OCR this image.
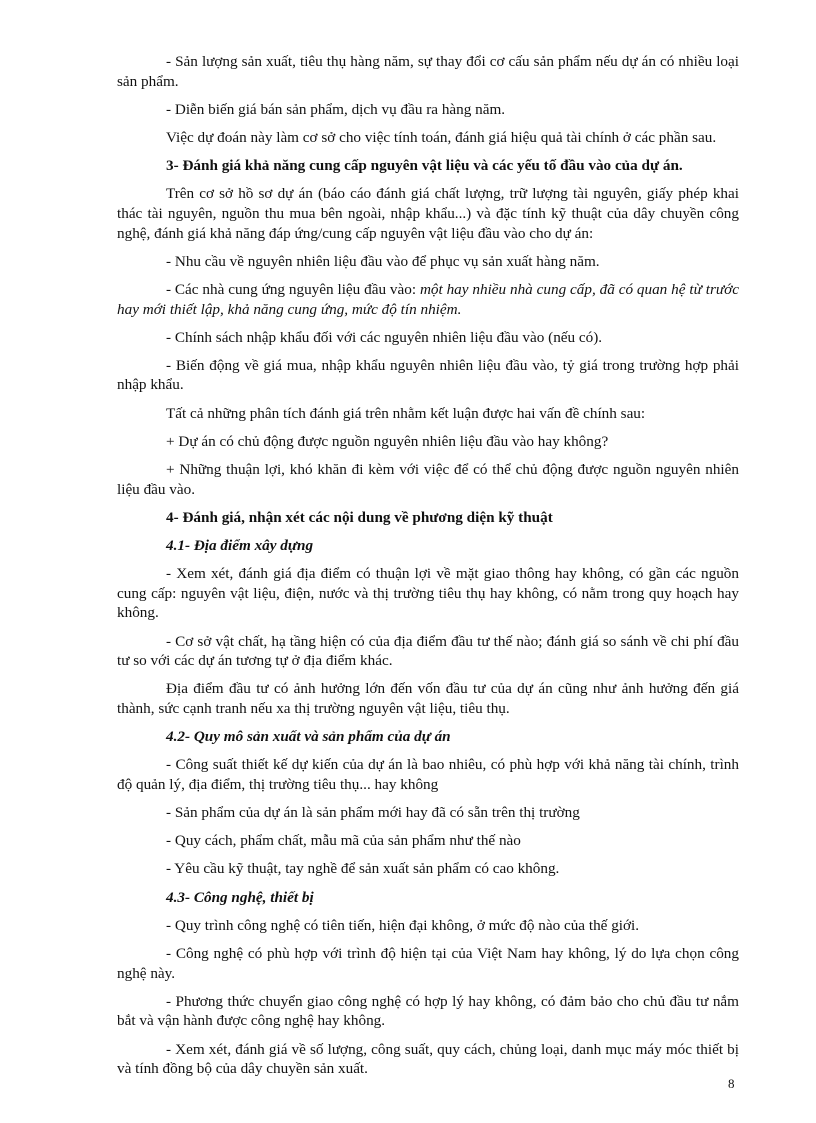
- Sản lượng sản xuất, tiêu thụ hàng năm, sự thay đổi cơ cấu sản phẩm nếu dự án có nhiều loại sản phẩm.

- Diễn biến giá bán sản phẩm, dịch vụ đầu ra hàng năm.

Việc dự đoán này làm cơ sở cho việc tính toán, đánh giá hiệu quả tài chính ở các phần sau.

3- Đánh giá khả năng cung cấp nguyên vật liệu và các yếu tố đầu vào của dự án.

Trên cơ sở hồ sơ dự án (báo cáo đánh giá chất lượng, trữ lượng tài nguyên, giấy phép khai thác tài nguyên, nguồn thu mua bên ngoài, nhập khẩu...) và đặc tính kỹ thuật của dây chuyền công nghệ, đánh giá khả năng đáp ứng/cung cấp nguyên vật liệu đầu vào cho dự án:

- Nhu cầu về nguyên nhiên liệu đầu vào để phục vụ sản xuất hàng năm.

- Các nhà cung ứng nguyên liệu đầu vào: một hay nhiều nhà cung cấp, đã có quan hệ từ trước hay mới thiết lập, khả năng cung ứng, mức độ tín nhiệm.

- Chính sách nhập khẩu đối với các nguyên nhiên liệu đầu vào (nếu có).

- Biến động về giá mua, nhập khẩu nguyên nhiên liệu đầu vào, tỷ giá trong trường hợp phải nhập khẩu.

Tất cả những phân tích đánh giá trên nhằm kết luận được hai vấn đề chính sau:

+ Dự án có chủ động được nguồn nguyên nhiên liệu đầu vào hay không?

+ Những thuận lợi, khó khăn đi kèm với việc để có thể chủ động được nguồn nguyên nhiên liệu đầu vào.

4- Đánh giá, nhận xét các nội dung về phương diện kỹ thuật

4.1- Địa điểm xây dựng

- Xem xét, đánh giá địa điểm có thuận lợi về mặt giao thông hay không, có gần các nguồn cung cấp: nguyên vật liệu, điện, nước và thị trường tiêu thụ hay không, có nằm trong quy hoạch hay không.

- Cơ sở vật chất, hạ tầng hiện có của địa điểm đầu tư thế nào; đánh giá so sánh về chi phí đầu tư so với các dự án tương tự ở địa điểm khác.

Địa điểm đầu tư có ảnh hưởng lớn đến vốn đầu tư của dự án cũng như ảnh hưởng đến giá thành, sức cạnh tranh nếu xa thị trường nguyên vật liệu, tiêu thụ.

4.2- Quy mô sản xuất và sản phẩm của dự án

- Công suất thiết kế dự kiến của dự án là bao nhiêu, có phù hợp với khả năng tài chính, trình độ quản lý, địa điểm, thị trường tiêu thụ... hay không

- Sản phẩm của dự án là sản phẩm mới hay đã có sẵn trên thị trường

- Quy cách, phẩm chất, mẫu mã của sản phẩm như thế nào

- Yêu cầu kỹ thuật, tay nghề để sản xuất sản phẩm có cao không.

4.3- Công nghệ, thiết bị

- Quy trình công nghệ có tiên tiến, hiện đại không, ở mức độ nào của thế giới.

- Công nghệ có phù hợp với trình độ hiện tại của Việt Nam hay không, lý do lựa chọn công nghệ này.

- Phương thức chuyển giao công nghệ có hợp lý hay không, có đảm bảo cho chủ đầu tư nắm bắt và vận hành được công nghệ hay không.

- Xem xét, đánh giá về số lượng, công suất, quy cách, chủng loại, danh mục máy móc thiết bị và tính đồng bộ của dây chuyền sản xuất.

8
